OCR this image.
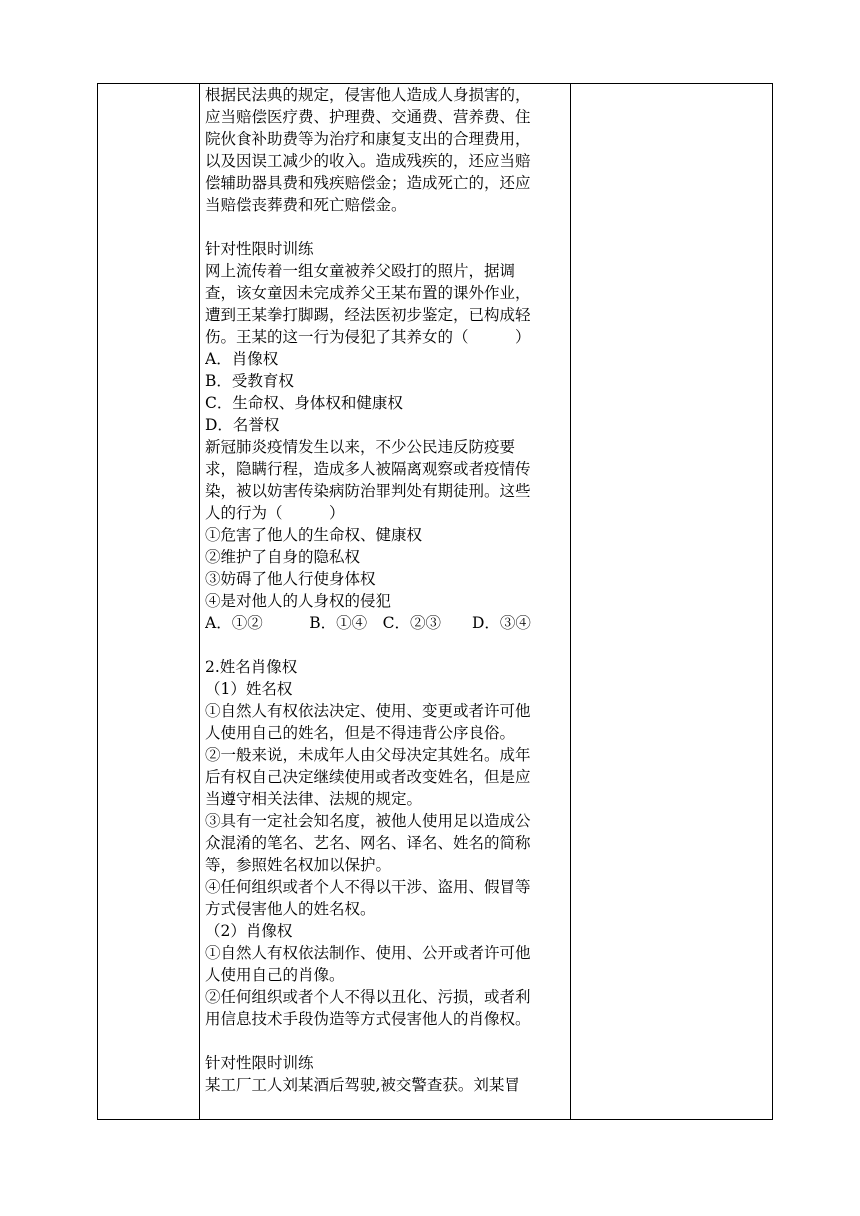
根据民法典的规定，侵害他人造成人身损害的，
应当赔偿医疗费、护理费、交通费、营养费、住
院伙食补助费等为治疗和康复支出的合理费用，
以及因误工减少的收入。造成残疾的，还应当赔
偿辅助器具费和残疾赔偿金；造成死亡的，还应
当赔偿丧葬费和死亡赔偿金。
针对性限时训练
网上流传着一组女童被养父殴打的照片，据调
查，该女童因未完成养父王某布置的课外作业，
遭到王某拳打脚踢，经法医初步鉴定，已构成轻
伤。王某的这一行为侵犯了其养女的（　　　）
A．肖像权
B．受教育权
C．生命权、身体权和健康权
D．名誉权
新冠肺炎疫情发生以来，不少公民违反防疫要
求，隐瞒行程，造成多人被隔离观察或者疫情传
染，被以妨害传染病防治罪判处有期徒刑。这些
人的行为（　　　）
①危害了他人的生命权、健康权
②维护了自身的隐私权
③妨碍了他人行使身体权
④是对他人的人身权的侵犯
A．①②　　　B．①④　C．②③　　D．③④
2.姓名肖像权
（1）姓名权
①自然人有权依法决定、使用、变更或者许可他
人使用自己的姓名，但是不得违背公序良俗。
②一般来说，未成年人由父母决定其姓名。成年
后有权自己决定继续使用或者改变姓名，但是应
当遵守相关法律、法规的规定。
③具有一定社会知名度，被他人使用足以造成公
众混淆的笔名、艺名、网名、译名、姓名的简称
等，参照姓名权加以保护。
④任何组织或者个人不得以干涉、盗用、假冒等
方式侵害他人的姓名权。
（2）肖像权
①自然人有权依法制作、使用、公开或者许可他
人使用自己的肖像。
②任何组织或者个人不得以丑化、污损，或者利
用信息技术手段伪造等方式侵害他人的肖像权。
针对性限时训练
某工厂工人刘某酒后驾驶,被交警查获。刘某冒
